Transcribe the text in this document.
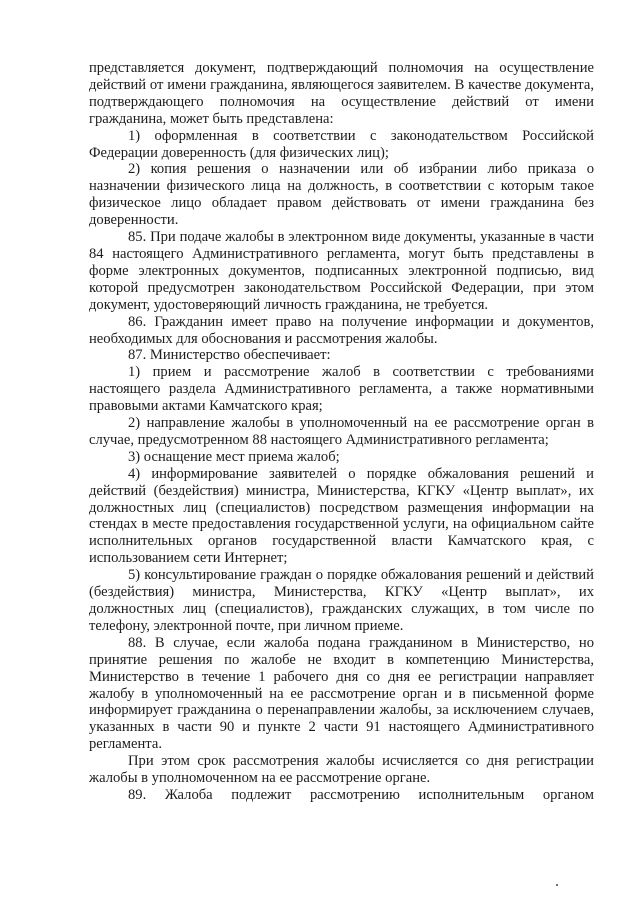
представляется документ, подтверждающий полномочия на осуществление действий от имени гражданина, являющегося заявителем. В качестве документа, подтверждающего полномочия на осуществление действий от имени гражданина, может быть представлена:

1) оформленная в соответствии с законодательством Российской Федерации доверенность (для физических лиц);

2) копия решения о назначении или об избрании либо приказа о назначении физического лица на должность, в соответствии с которым такое физическое лицо обладает правом действовать от имени гражданина без доверенности.

85. При подаче жалобы в электронном виде документы, указанные в части 84 настоящего Административного регламента, могут быть представлены в форме электронных документов, подписанных электронной подписью, вид которой предусмотрен законодательством Российской Федерации, при этом документ, удостоверяющий личность гражданина, не требуется.

86. Гражданин имеет право на получение информации и документов, необходимых для обоснования и рассмотрения жалобы.

87. Министерство обеспечивает:

1) прием и рассмотрение жалоб в соответствии с требованиями настоящего раздела Административного регламента, а также нормативными правовыми актами Камчатского края;

2) направление жалобы в уполномоченный на ее рассмотрение орган в случае, предусмотренном 88 настоящего Административного регламента;

3) оснащение мест приема жалоб;

4) информирование заявителей о порядке обжалования решений и действий (бездействия) министра, Министерства, КГКУ «Центр выплат», их должностных лиц (специалистов) посредством размещения информации на стендах в месте предоставления государственной услуги, на официальном сайте исполнительных органов государственной власти Камчатского края, с использованием сети Интернет;

5) консультирование граждан о порядке обжалования решений и действий (бездействия) министра, Министерства, КГКУ «Центр выплат», их должностных лиц (специалистов), гражданских служащих, в том числе по телефону, электронной почте, при личном приеме.

88. В случае, если жалоба подана гражданином в Министерство, но принятие решения по жалобе не входит в компетенцию Министерства, Министерство в течение 1 рабочего дня со дня ее регистрации направляет жалобу в уполномоченный на ее рассмотрение орган и в письменной форме информирует гражданина о перенаправлении жалобы, за исключением случаев, указанных в части 90 и пункте 2 части 91 настоящего Административного регламента.

При этом срок рассмотрения жалобы исчисляется со дня регистрации жалобы в уполномоченном на ее рассмотрение органе.

89. Жалоба подлежит рассмотрению исполнительным органом
